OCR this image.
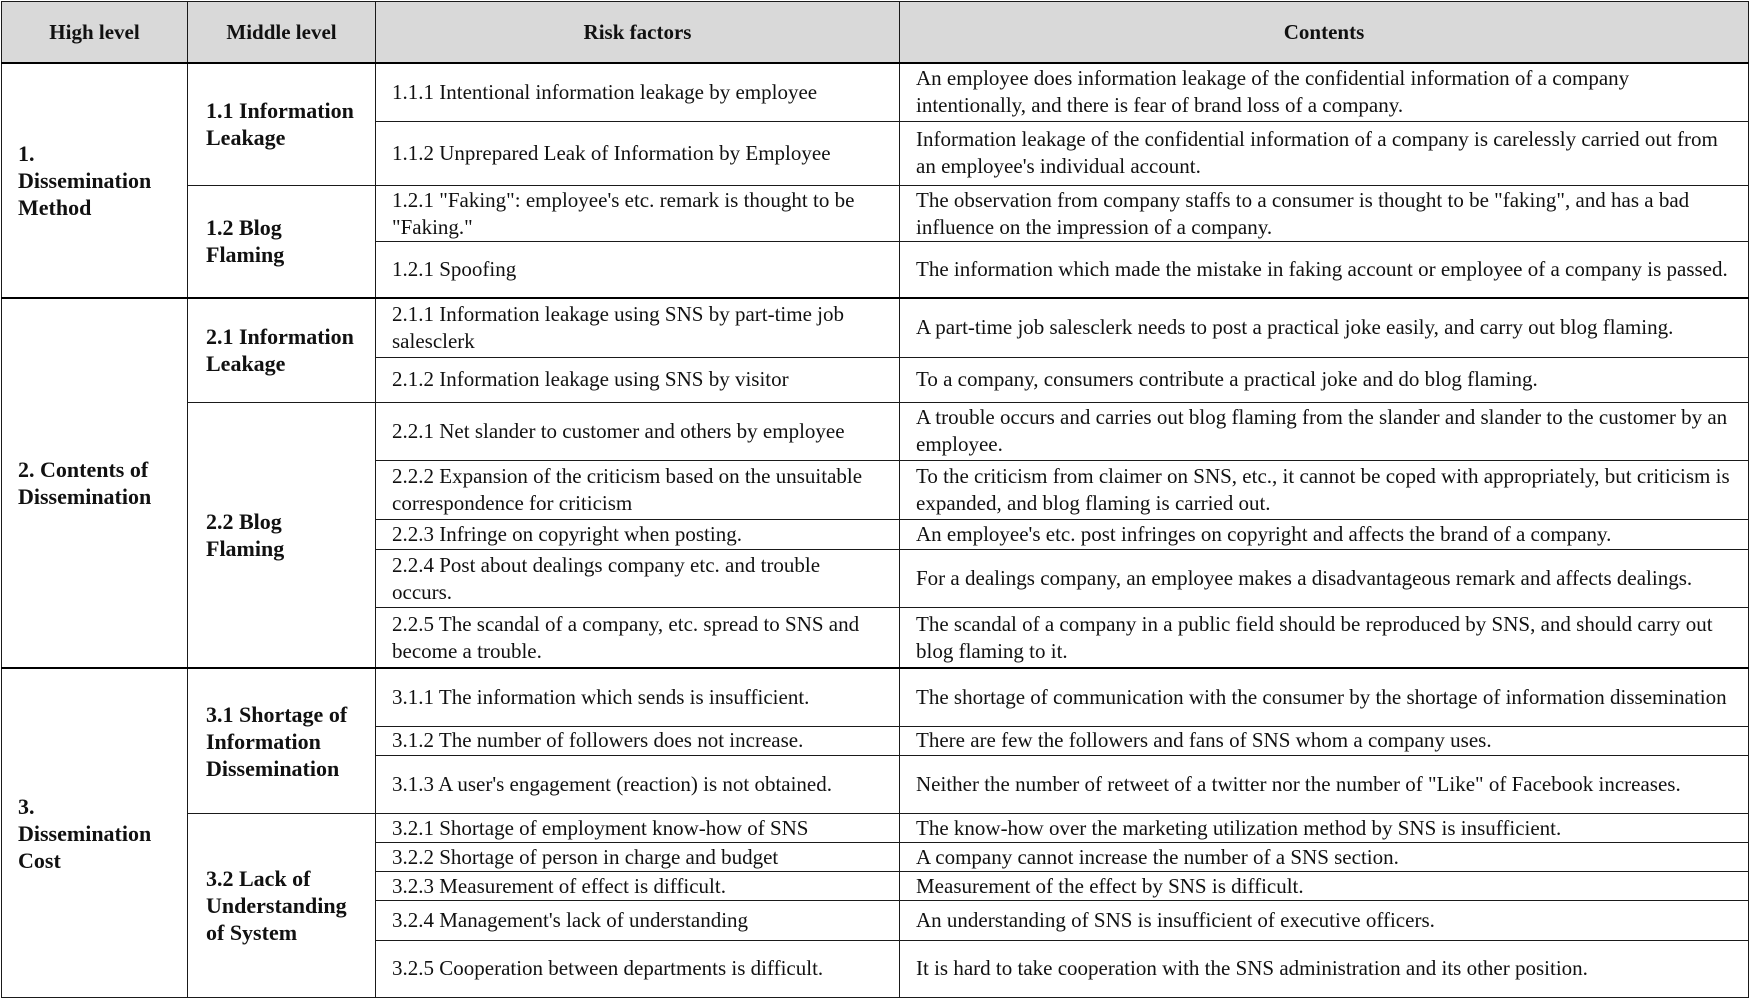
High level	Middle level	Risk factors	Contents
1. Dissemination Method	1.1 Information Leakage	1.1.1 Intentional information leakage by employee	An employee does information leakage of the confidential information of a company intentionally, and there is fear of brand loss of a company.
		1.1.2 Unprepared Leak of Information by Employee	Information leakage of the confidential information of a company is carelessly carried out from an employee's individual account.
	1.2 Blog Flaming	1.2.1 "Faking": employee's etc. remark is thought to be "Faking."	The observation from company staffs to a consumer is thought to be "faking", and has a bad influence on the impression of a company.
		1.2.1 Spoofing	The information which made the mistake in faking account or employee of a company is passed.
2. Contents of Dissemination	2.1 Information Leakage	2.1.1 Information leakage using SNS by part-time job salesclerk	A part-time job salesclerk needs to post a practical joke easily, and carry out blog flaming.
		2.1.2 Information leakage using SNS by visitor	To a company, consumers contribute a practical joke and do blog flaming.
	2.2 Blog Flaming	2.2.1 Net slander to customer and others by employee	A trouble occurs and carries out blog flaming from the slander and slander to the customer by an employee.
		2.2.2 Expansion of the criticism based on the unsuitable correspondence for criticism	To the criticism from claimer on SNS, etc., it cannot be coped with appropriately, but criticism is expanded, and blog flaming is carried out.
		2.2.3 Infringe on copyright when posting.	An employee's etc. post infringes on copyright and affects the brand of a company.
		2.2.4 Post about dealings company etc. and trouble occurs.	For a dealings company, an employee makes a disadvantageous remark and affects dealings.
		2.2.5 The scandal of a company, etc. spread to SNS and become a trouble.	The scandal of a company in a public field should be reproduced by SNS, and should carry out blog flaming to it.
3. Dissemination Cost	3.1 Shortage of Information Dissemination	3.1.1 The information which sends is insufficient.	The shortage of communication with the consumer by the shortage of information dissemination
		3.1.2 The number of followers does not increase.	There are few the followers and fans of SNS whom a company uses.
		3.1.3 A user's engagement (reaction) is not obtained.	Neither the number of retweet of a twitter nor the number of "Like" of Facebook increases.
	3.2 Lack of Understanding of System	3.2.1 Shortage of employment know-how of SNS	The know-how over the marketing utilization method by SNS is insufficient.
		3.2.2 Shortage of person in charge and budget	A company cannot increase the number of a SNS section.
		3.2.3 Measurement of effect is difficult.	Measurement of the effect by SNS is difficult.
		3.2.4 Management's lack of understanding	An understanding of SNS is insufficient of executive officers.
		3.2.5 Cooperation between departments is difficult.	It is hard to take cooperation with the SNS administration and its other position.
